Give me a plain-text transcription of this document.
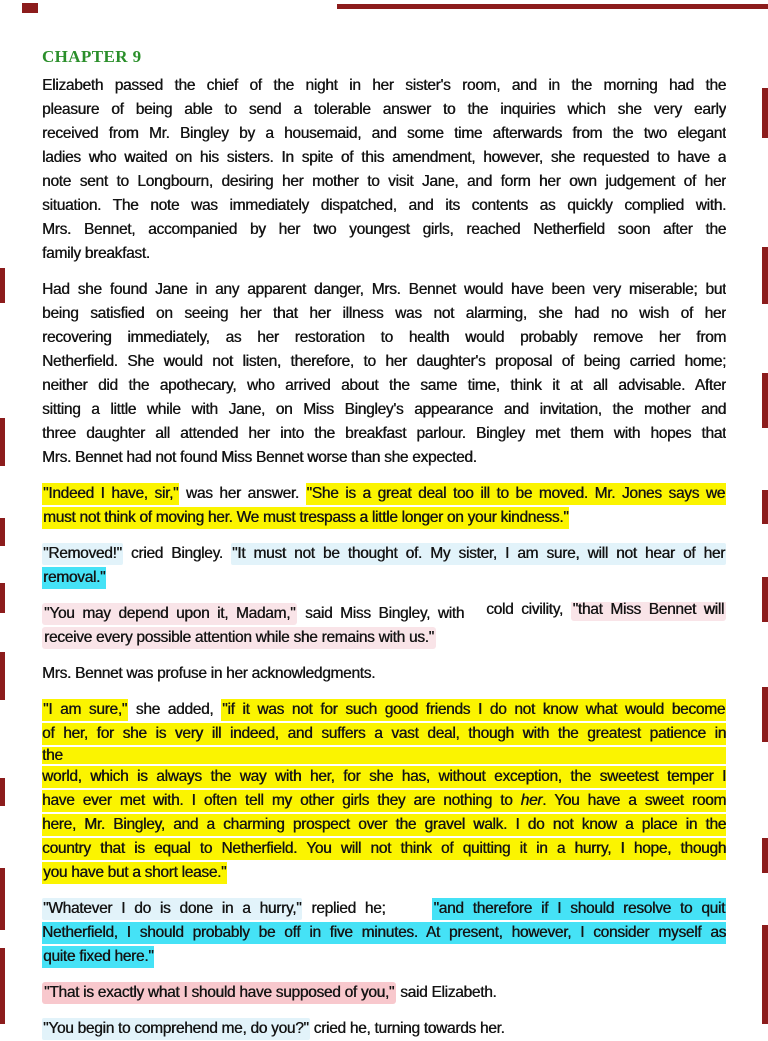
CHAPTER 9
Elizabeth passed the chief of the night in her sister's room, and in the morning had the
pleasure of being able to send a tolerable answer to the inquiries which she very early
received from Mr. Bingley by a housemaid, and some time afterwards from the two elegant
ladies who waited on his sisters. In spite of this amendment, however, she requested to have a
note sent to Longbourn, desiring her mother to visit Jane, and form her own judgement of her
situation. The note was immediately dispatched, and its contents as quickly complied with.
Mrs. Bennet, accompanied by her two youngest girls, reached Netherfield soon after the
family breakfast.
Had she found Jane in any apparent danger, Mrs. Bennet would have been very miserable; but
being satisfied on seeing her that her illness was not alarming, she had no wish of her
recovering immediately, as her restoration to health would probably remove her from
Netherfield. She would not listen, therefore, to her daughter's proposal of being carried home;
neither did the apothecary, who arrived about the same time, think it at all advisable. After
sitting a little while with Jane, on Miss Bingley's appearance and invitation, the mother and
three daughter all attended her into the breakfast parlour. Bingley met them with hopes that
Mrs. Bennet had not found Miss Bennet worse than she expected.
"Indeed I have, sir," was her answer. "She is a great deal too ill to be moved. Mr. Jones says we
must not think of moving her. We must trespass a little longer on your kindness."
"Removed!" cried Bingley. "It must not be thought of. My sister, I am sure, will not hear of her
removal."
"You may depend upon it, Madam," said Miss Bingley, with cold civility, "that Miss Bennet will
receive every possible attention while she remains with us."
Mrs. Bennet was profuse in her acknowledgments.
"I am sure," she added, "if it was not for such good friends I do not know what would become
of her, for she is very ill indeed, and suffers a vast deal, though with the greatest patience in
the
world, which is always the way with her, for she has, without exception, the sweetest temper I
have ever met with. I often tell my other girls they are nothing to her. You have a sweet room
here, Mr. Bingley, and a charming prospect over the gravel walk. I do not know a place in the
country that is equal to Netherfield. You will not think of quitting it in a hurry, I hope, though
you have but a short lease."
"Whatever I do is done in a hurry," replied he;	"and therefore if I should resolve to quit
Netherfield, I should probably be off in five minutes. At present, however, I consider myself as
quite fixed here."
"That is exactly what I should have supposed of you," said Elizabeth.
"You begin to comprehend me, do you?" cried he, turning towards her.
